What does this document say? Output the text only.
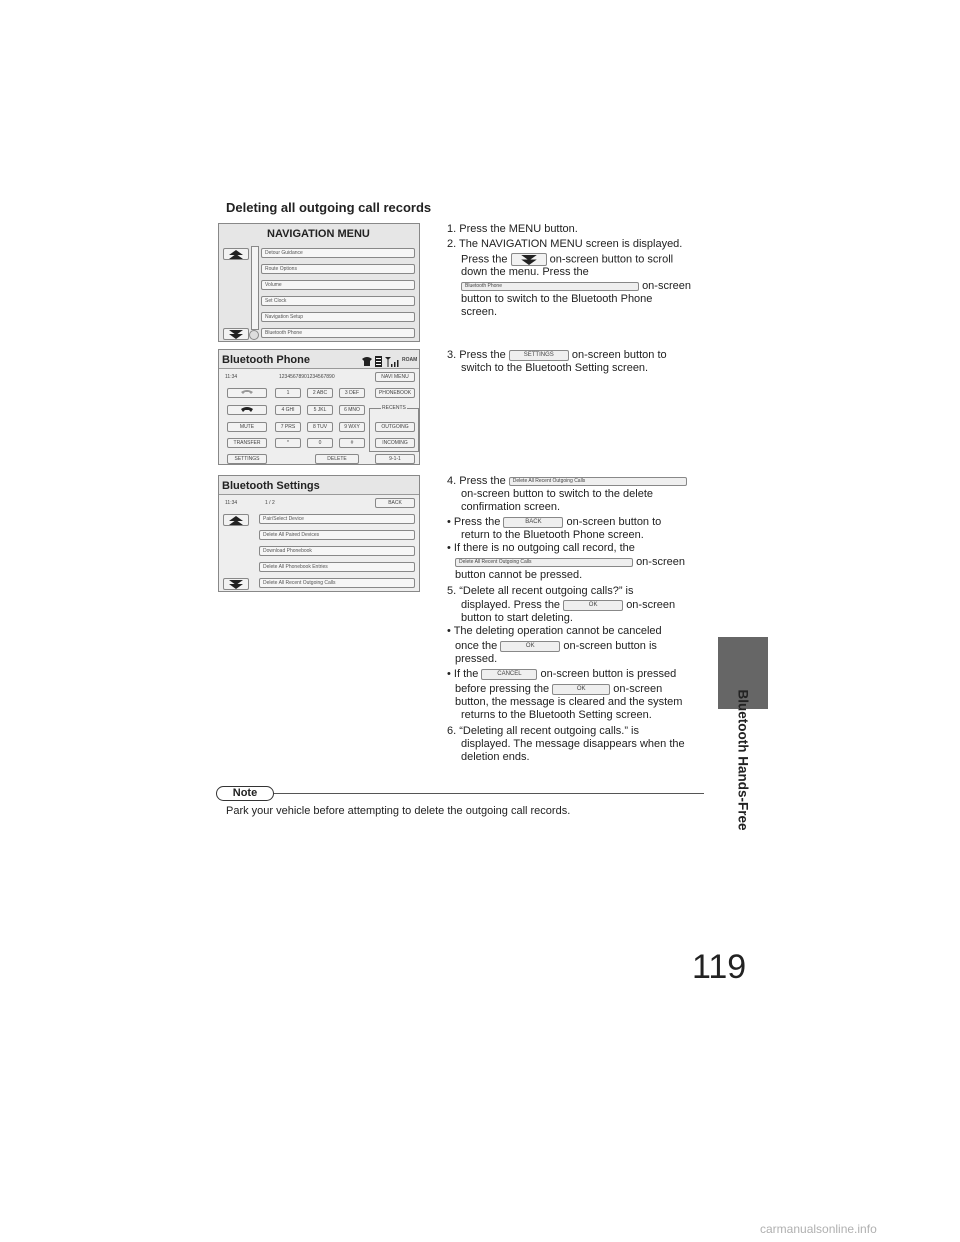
Bluetooth Hands-Free
119
Deleting all outgoing call records
NAVIGATION MENU
Detour Guidance
Route Options
Volume
Set Clock
Navigation Setup
Bluetooth Phone
Bluetooth Phone	ROAM
11:34	12345678901234567890	NAVI MENU
MUTE
TRANSFER
SETTINGS
1	2 ABC	3 DEF
4 GHI	5 JKL	6 MNO
7 PRS	8 TUV	9 WXY
*	0	#
DELETE
PHONEBOOK
RECENTS
OUTGOING
INCOMING
9-1-1
Bluetooth Settings
11:34	1 / 2	BACK
Pair/Select Device
Delete All Paired Devices
Download Phonebook
Delete All Phonebook Entries
Delete All Recent Outgoing Calls
1. Press the MENU button.
2. The NAVIGATION MENU screen is displayed.
Press the	on-screen button to scroll
down the menu. Press the
Bluetooth Phone	on-screen
button to switch to the Bluetooth Phone
screen.
3. Press the	SETTINGS on-screen button to
switch to the Bluetooth Setting screen.
4. Press the Delete All Recent Outgoing Calls
on-screen button to switch to the delete
confirmation screen.
• Press the	BACK on-screen button to
return to the Bluetooth Phone screen.
• If there is no outgoing call record, the
Delete All Recent Outgoing Calls	on-screen
button cannot be pressed.
5. “Delete all recent outgoing calls?” is
displayed. Press the	OK	on-screen
button to start deleting.
• The deleting operation cannot be canceled
once the	OK	on-screen button is
pressed.
• If the	CANCEL on-screen button is pressed
before pressing the	OK	on-screen
button, the message is cleared and the system
returns to the Bluetooth Setting screen.
6. “Deleting all recent outgoing calls.” is
displayed. The message disappears when the
deletion ends.
Note
Park your vehicle before attempting to delete the outgoing call records.
carmanualsonline.info
